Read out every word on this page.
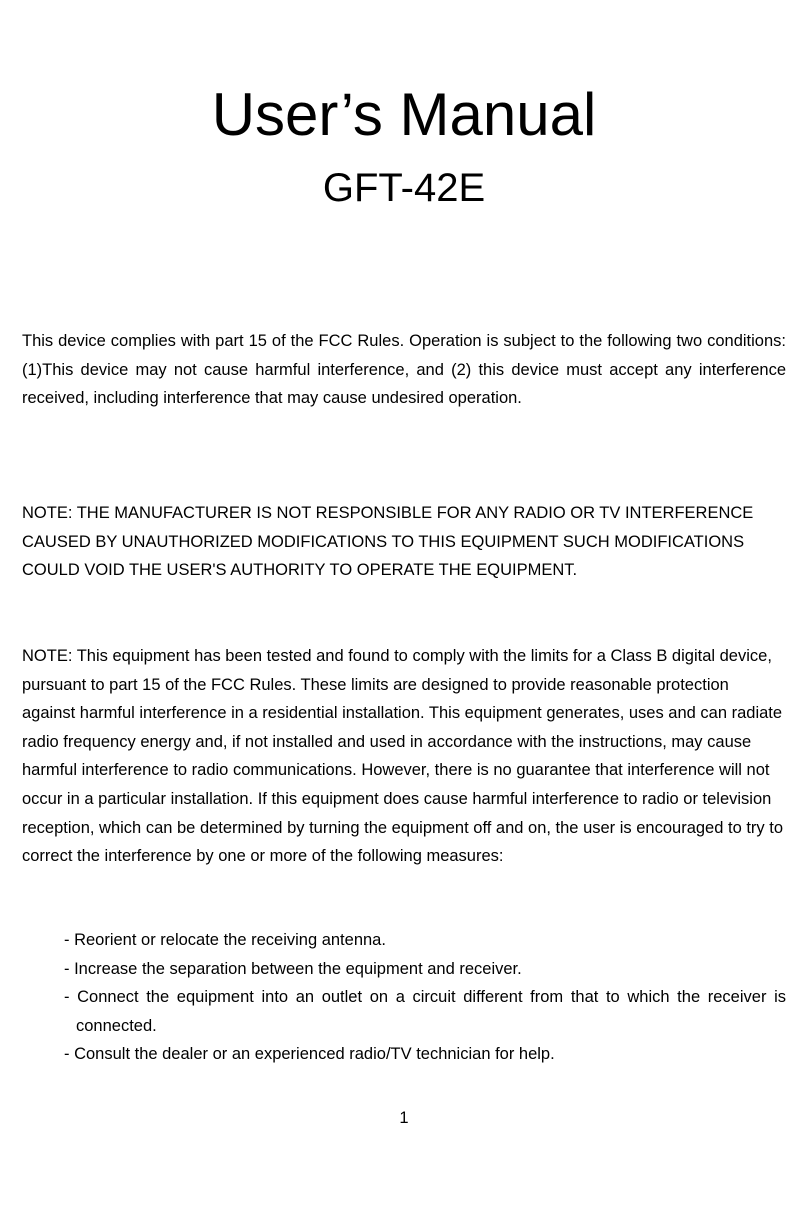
User’s Manual
GFT-42E

This device complies with part 15 of the FCC Rules. Operation is subject to the following two conditions: (1)This device may not cause harmful interference, and (2) this device must accept any interference received, including interference that may cause undesired operation.

NOTE: THE MANUFACTURER IS NOT RESPONSIBLE FOR ANY RADIO OR TV INTERFERENCE CAUSED BY UNAUTHORIZED MODIFICATIONS TO THIS EQUIPMENT SUCH MODIFICATIONS COULD VOID THE USER'S AUTHORITY TO OPERATE THE EQUIPMENT.

NOTE: This equipment has been tested and found to comply with the limits for a Class B digital device, pursuant to part 15 of the FCC Rules. These limits are designed to provide reasonable protection against harmful interference in a residential installation. This equipment generates, uses and can radiate radio frequency energy and, if not installed and used in accordance with the instructions, may cause harmful interference to radio communications. However, there is no guarantee that interference will not occur in a particular installation. If this equipment does cause harmful interference to radio or television reception, which can be determined by turning the equipment off and on, the user is encouraged to try to correct the interference by one or more of the following measures:

- Reorient or relocate the receiving antenna.
- Increase the separation between the equipment and receiver.
- Connect the equipment into an outlet on a circuit different from that to which the receiver is connected.
- Consult the dealer or an experienced radio/TV technician for help.
1
